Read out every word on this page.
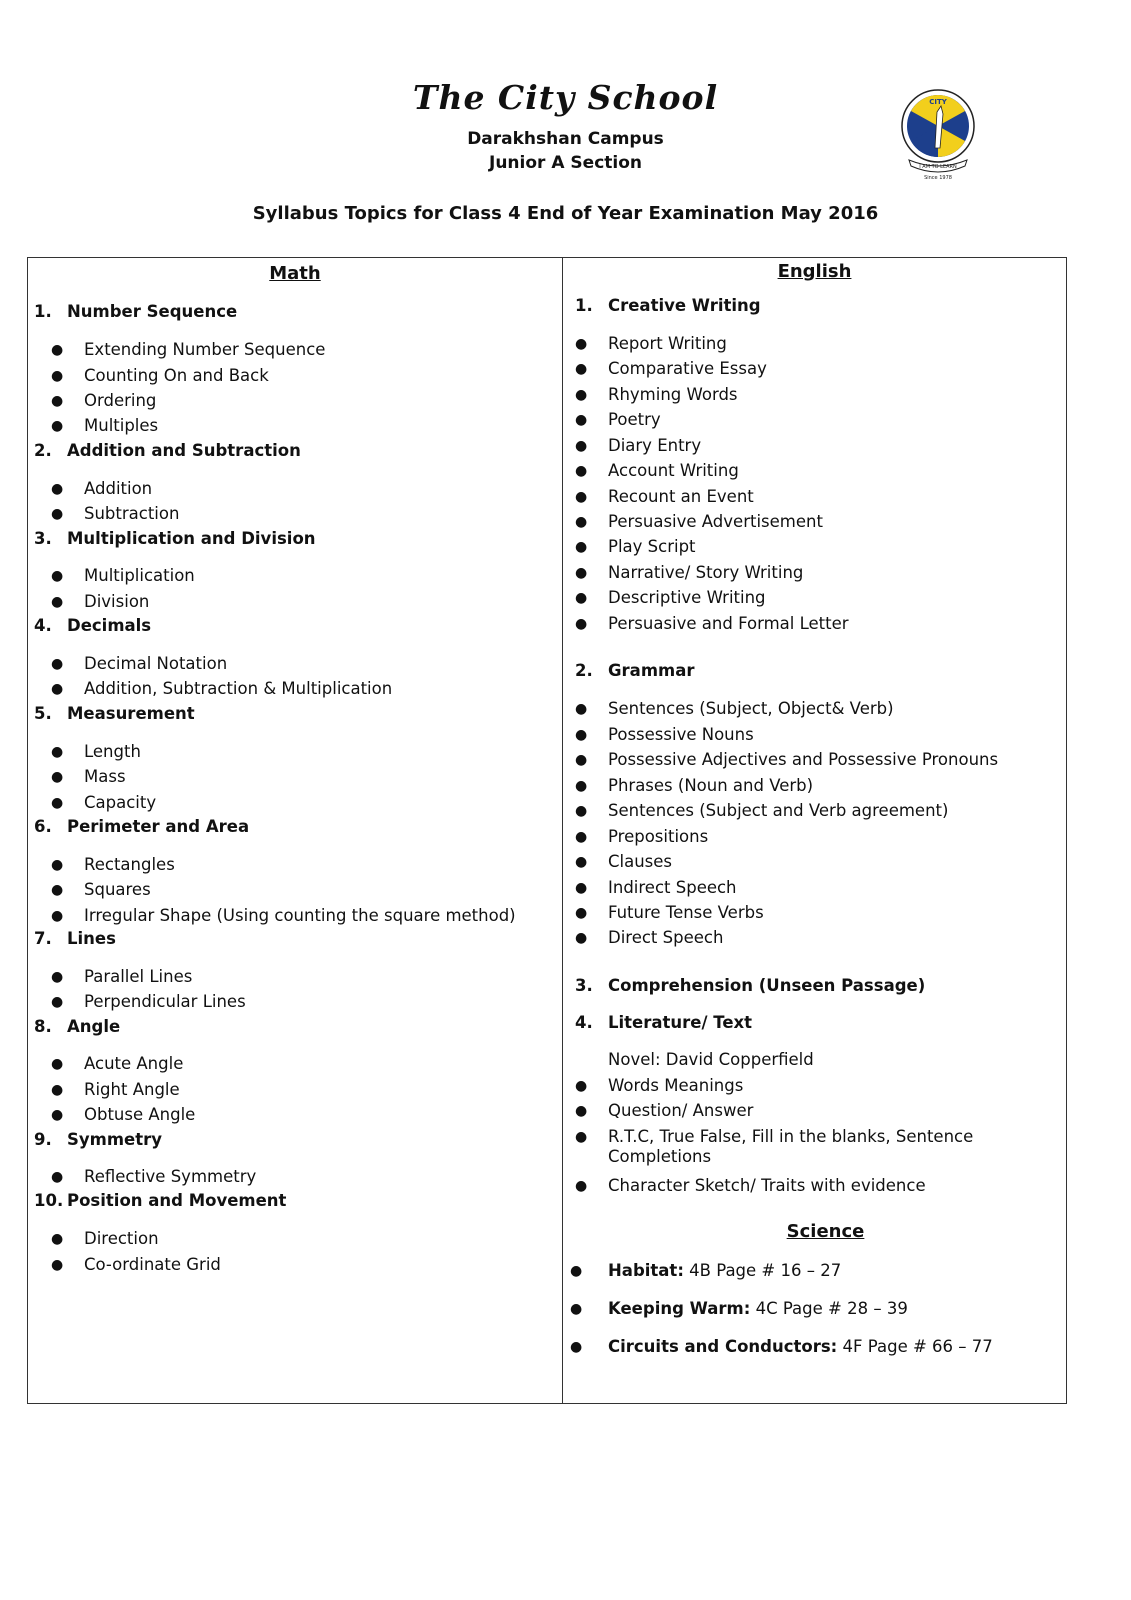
The City School
Darakhshan Campus
Junior A Section
CITY
I AM TO LEARN
Since 1978
Syllabus Topics for Class 4 End of Year Examination May 2016
Math
1. Number Sequence
● Extending Number Sequence
● Counting On and Back
● Ordering
● Multiples
2. Addition and Subtraction
● Addition
● Subtraction
3. Multiplication and Division
● Multiplication
● Division
4. Decimals
● Decimal Notation
● Addition, Subtraction & Multiplication
5. Measurement
● Length
● Mass
● Capacity
6. Perimeter and Area
● Rectangles
● Squares
● Irregular Shape (Using counting the square method)
7. Lines
● Parallel Lines
● Perpendicular Lines
8. Angle
● Acute Angle
● Right Angle
● Obtuse Angle
9. Symmetry
● Reflective Symmetry
10. Position and Movement
● Direction
● Co-ordinate Grid
English
1. Creative Writing
● Report Writing
● Comparative Essay
● Rhyming Words
● Poetry
● Diary Entry
● Account Writing
● Recount an Event
● Persuasive Advertisement
● Play Script
● Narrative/ Story Writing
● Descriptive Writing
● Persuasive and Formal Letter
2. Grammar
● Sentences (Subject, Object& Verb)
● Possessive Nouns
● Possessive Adjectives and Possessive Pronouns
● Phrases (Noun and Verb)
● Sentences (Subject and Verb agreement)
● Prepositions
● Clauses
● Indirect Speech
● Future Tense Verbs
● Direct Speech
3. Comprehension (Unseen Passage)
4. Literature/ Text
Novel: David Copperfield
● Words Meanings
● Question/ Answer
● R.T.C, True False, Fill in the blanks, Sentence Completions
● Character Sketch/ Traits with evidence
Science
● Habitat: 4B Page # 16 – 27
● Keeping Warm: 4C Page # 28 – 39
● Circuits and Conductors: 4F Page # 66 – 77
